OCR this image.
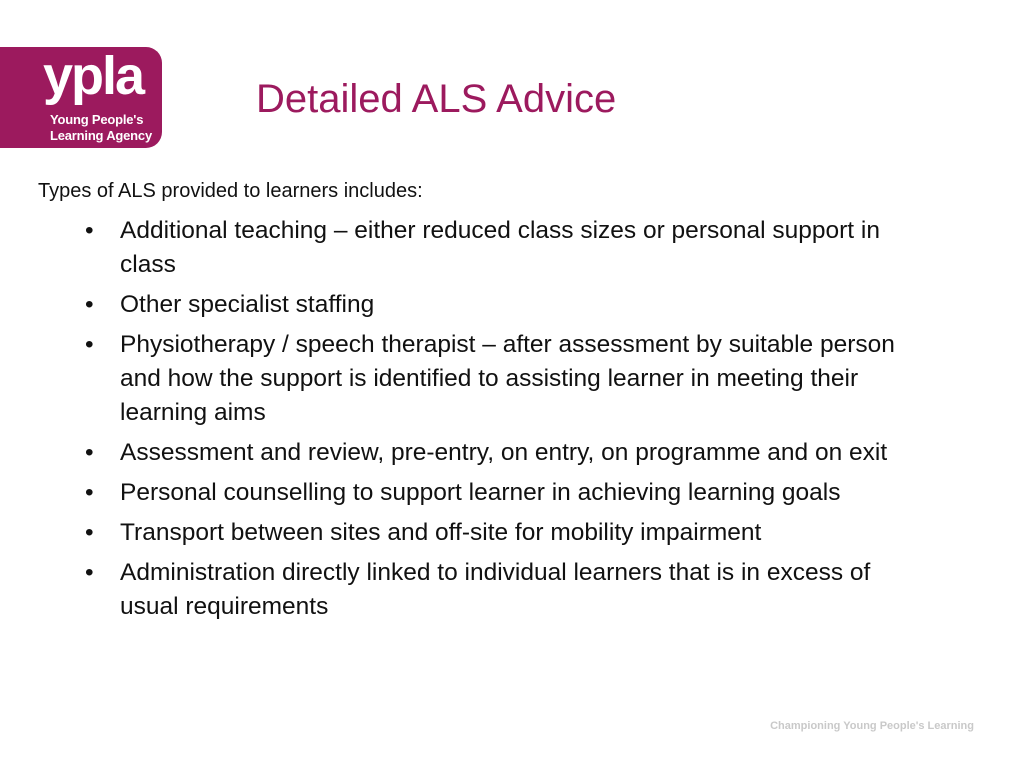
ypla
Young People's
Learning Agency
Detailed ALS Advice
Types of ALS provided to learners includes:
•	Additional teaching – either reduced class sizes or personal support in class
•	Other specialist staffing
•	Physiotherapy / speech therapist – after assessment by suitable person and how the support is identified to assisting learner in meeting their learning aims
•	Assessment and review, pre-entry, on entry, on programme and on exit
•	Personal counselling to support learner in achieving learning goals
•	Transport between sites and off-site for mobility impairment
•	Administration directly linked to individual learners that is in excess of usual requirements
Championing Young People's Learning
